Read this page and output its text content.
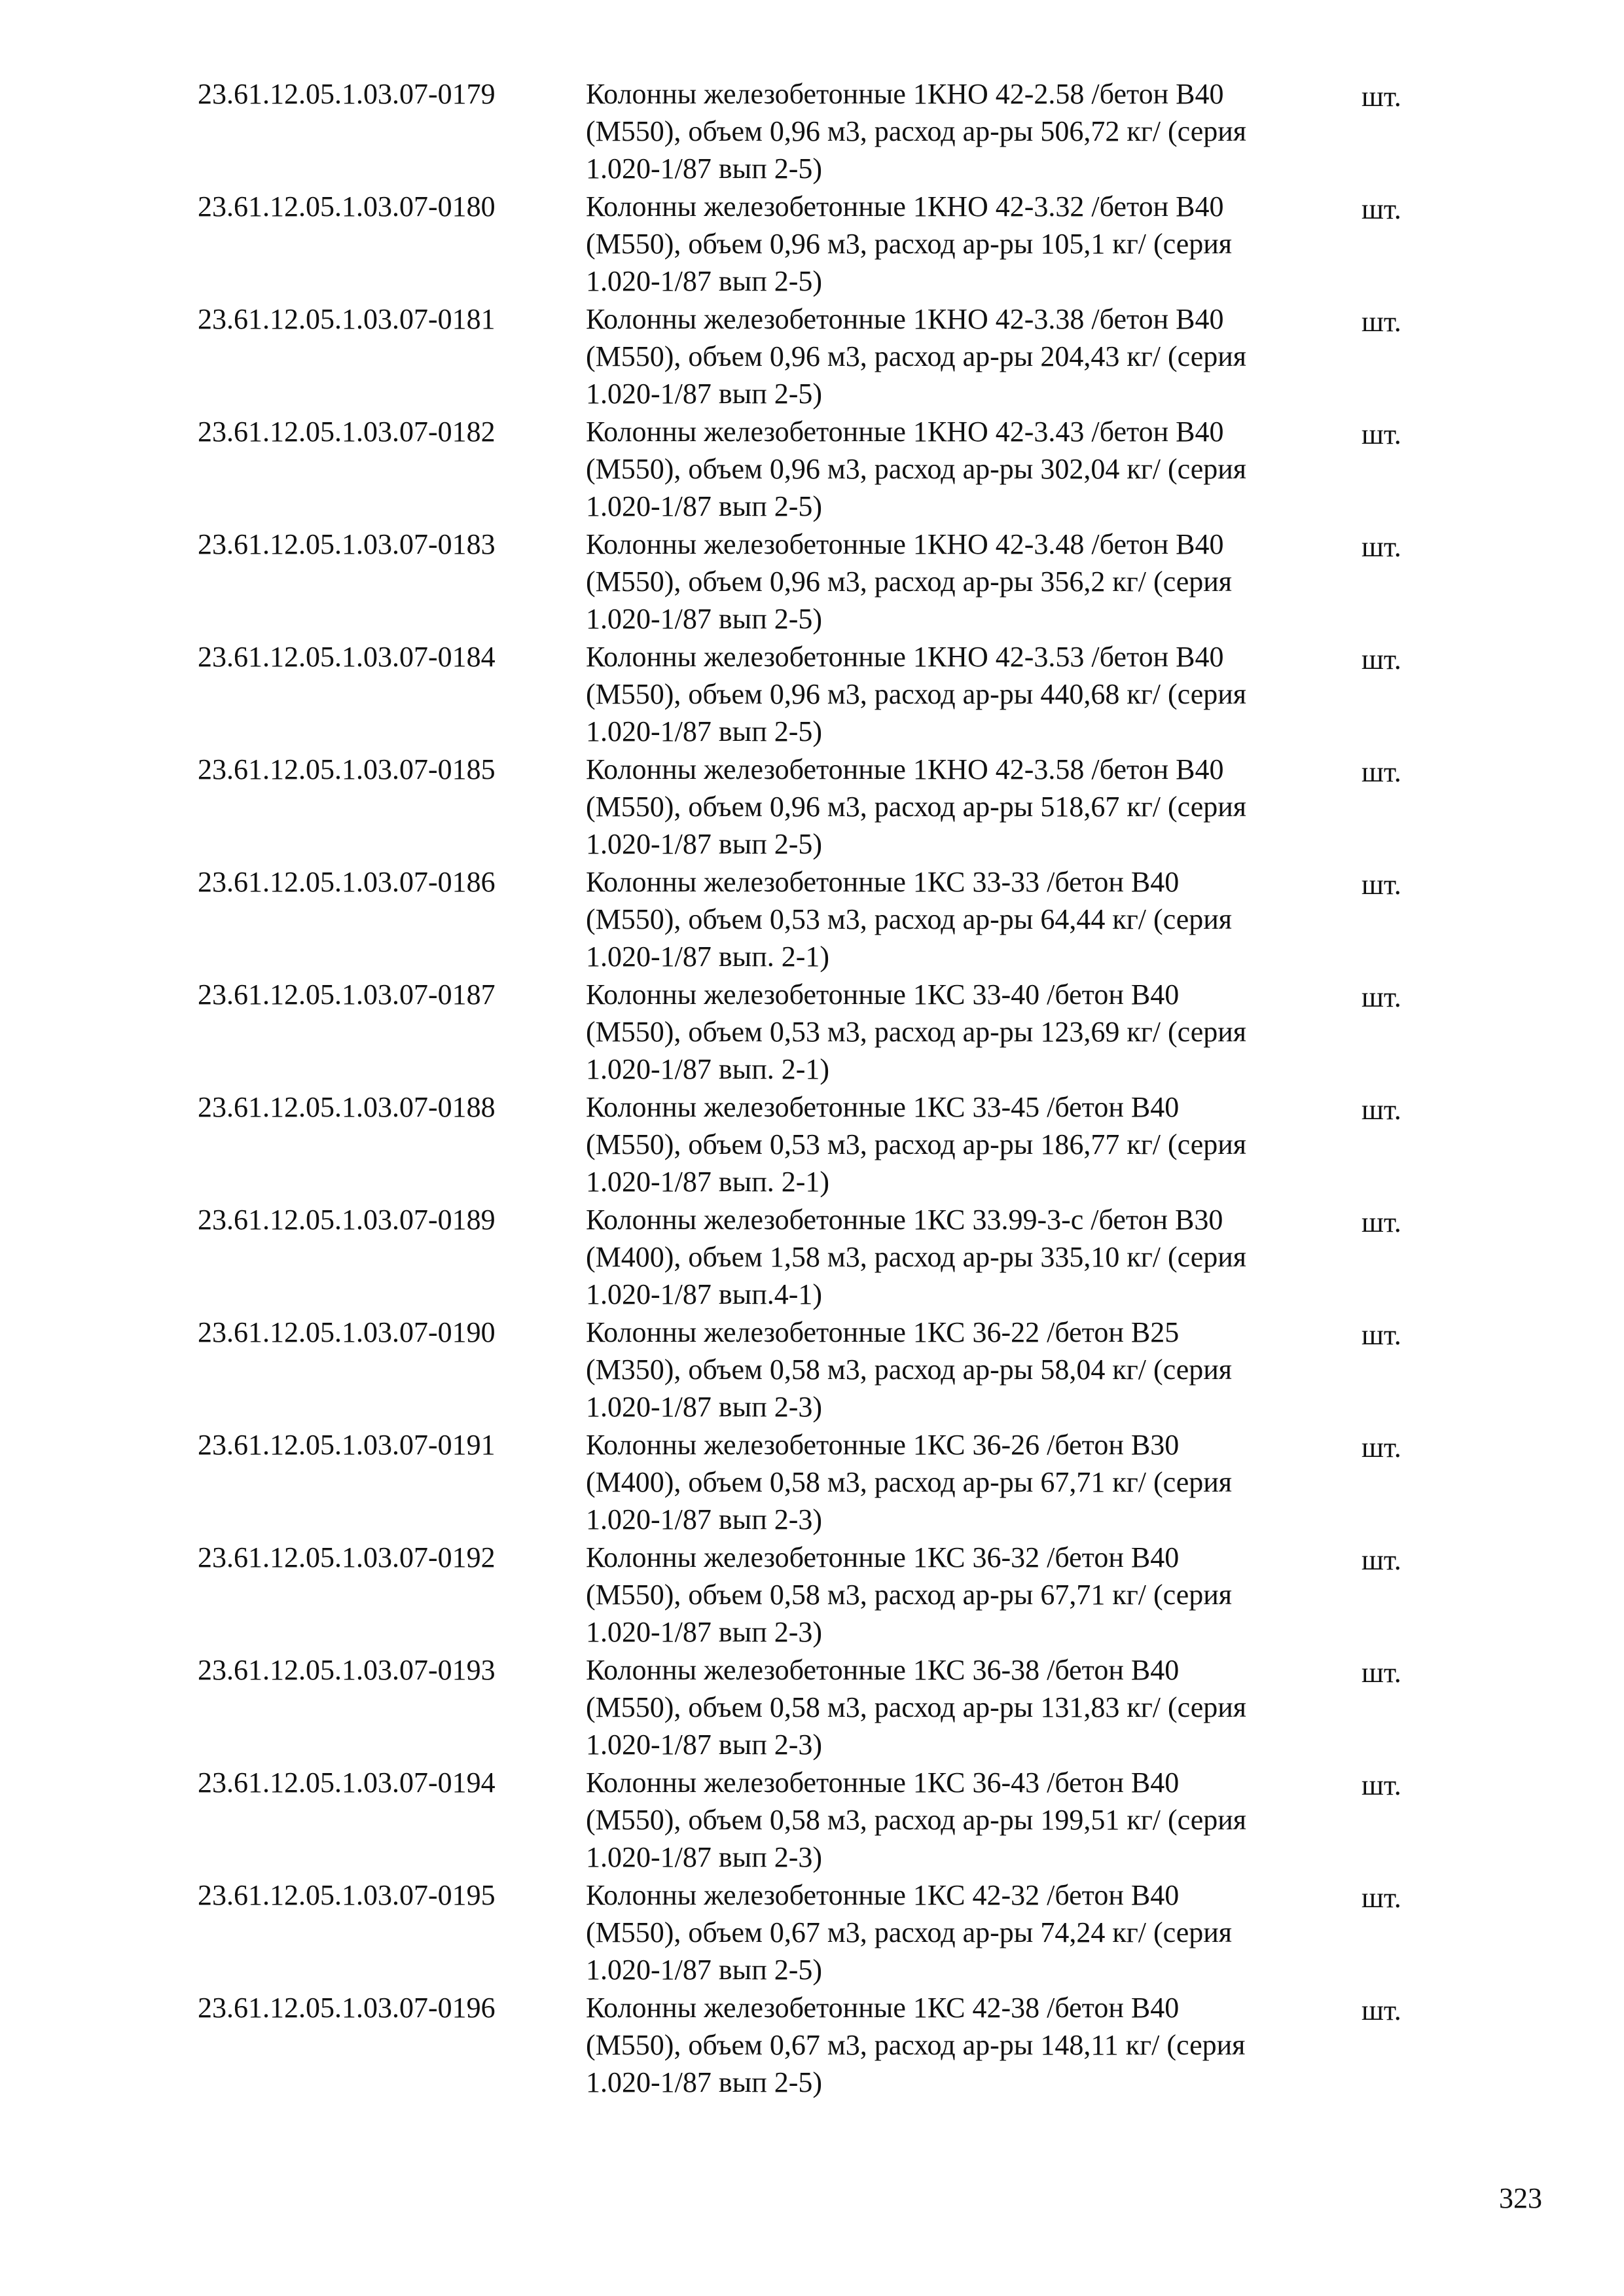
23.61.12.05.1.03.07-0179	Колонны железобетонные 1КНО 42-2.58 /бетон В40
(М550), объем 0,96 м3, расход ар-ры 506,72 кг/ (серия
1.020-1/87 вып 2-5)
шт.
23.61.12.05.1.03.07-0180	Колонны железобетонные 1КНО 42-3.32 /бетон В40
(М550), объем 0,96 м3, расход ар-ры 105,1 кг/ (серия
1.020-1/87 вып 2-5)
шт.
23.61.12.05.1.03.07-0181	Колонны железобетонные 1КНО 42-3.38 /бетон В40
(М550), объем 0,96 м3, расход ар-ры 204,43 кг/ (серия
1.020-1/87 вып 2-5)
шт.
23.61.12.05.1.03.07-0182	Колонны железобетонные 1КНО 42-3.43 /бетон В40
(М550), объем 0,96 м3, расход ар-ры 302,04 кг/ (серия
1.020-1/87 вып 2-5)
шт.
23.61.12.05.1.03.07-0183	Колонны железобетонные 1КНО 42-3.48 /бетон В40
(М550), объем 0,96 м3, расход ар-ры 356,2 кг/ (серия
1.020-1/87 вып 2-5)
шт.
23.61.12.05.1.03.07-0184	Колонны железобетонные 1КНО 42-3.53 /бетон В40
(М550), объем 0,96 м3, расход ар-ры 440,68 кг/ (серия
1.020-1/87 вып 2-5)
шт.
23.61.12.05.1.03.07-0185	Колонны железобетонные 1КНО 42-3.58 /бетон В40
(М550), объем 0,96 м3, расход ар-ры 518,67 кг/ (серия
1.020-1/87 вып 2-5)
шт.
23.61.12.05.1.03.07-0186	Колонны железобетонные 1КС 33-33 /бетон В40
(М550), объем 0,53 м3, расход ар-ры 64,44 кг/ (серия
1.020-1/87 вып. 2-1)
шт.
23.61.12.05.1.03.07-0187	Колонны железобетонные 1КС 33-40 /бетон В40
(М550), объем 0,53 м3, расход ар-ры 123,69 кг/ (серия
1.020-1/87 вып. 2-1)
шт.
23.61.12.05.1.03.07-0188	Колонны железобетонные 1КС 33-45 /бетон В40
(М550), объем 0,53 м3, расход ар-ры 186,77 кг/ (серия
1.020-1/87 вып. 2-1)
шт.
23.61.12.05.1.03.07-0189	Колонны железобетонные 1КС 33.99-3-с /бетон В30
(М400), объем 1,58 м3, расход ар-ры 335,10 кг/ (серия
1.020-1/87 вып.4-1)
шт.
23.61.12.05.1.03.07-0190	Колонны железобетонные 1КС 36-22 /бетон В25
(М350), объем 0,58 м3, расход ар-ры 58,04 кг/ (серия
1.020-1/87 вып 2-3)
шт.
23.61.12.05.1.03.07-0191	Колонны железобетонные 1КС 36-26 /бетон В30
(М400), объем 0,58 м3, расход ар-ры 67,71 кг/ (серия
1.020-1/87 вып 2-3)
шт.
23.61.12.05.1.03.07-0192	Колонны железобетонные 1КС 36-32 /бетон В40
(М550), объем 0,58 м3, расход ар-ры 67,71 кг/ (серия
1.020-1/87 вып 2-3)
шт.
23.61.12.05.1.03.07-0193	Колонны железобетонные 1КС 36-38 /бетон В40
(М550), объем 0,58 м3, расход ар-ры 131,83 кг/ (серия
1.020-1/87 вып 2-3)
шт.
23.61.12.05.1.03.07-0194	Колонны железобетонные 1КС 36-43 /бетон В40
(М550), объем 0,58 м3, расход ар-ры 199,51 кг/ (серия
1.020-1/87 вып 2-3)
шт.
23.61.12.05.1.03.07-0195	Колонны железобетонные 1КС 42-32 /бетон В40
(М550), объем 0,67 м3, расход ар-ры 74,24 кг/ (серия
1.020-1/87 вып 2-5)
шт.
23.61.12.05.1.03.07-0196	Колонны железобетонные 1КС 42-38 /бетон В40
(М550), объем 0,67 м3, расход ар-ры 148,11 кг/ (серия
1.020-1/87 вып 2-5)
шт.
323
